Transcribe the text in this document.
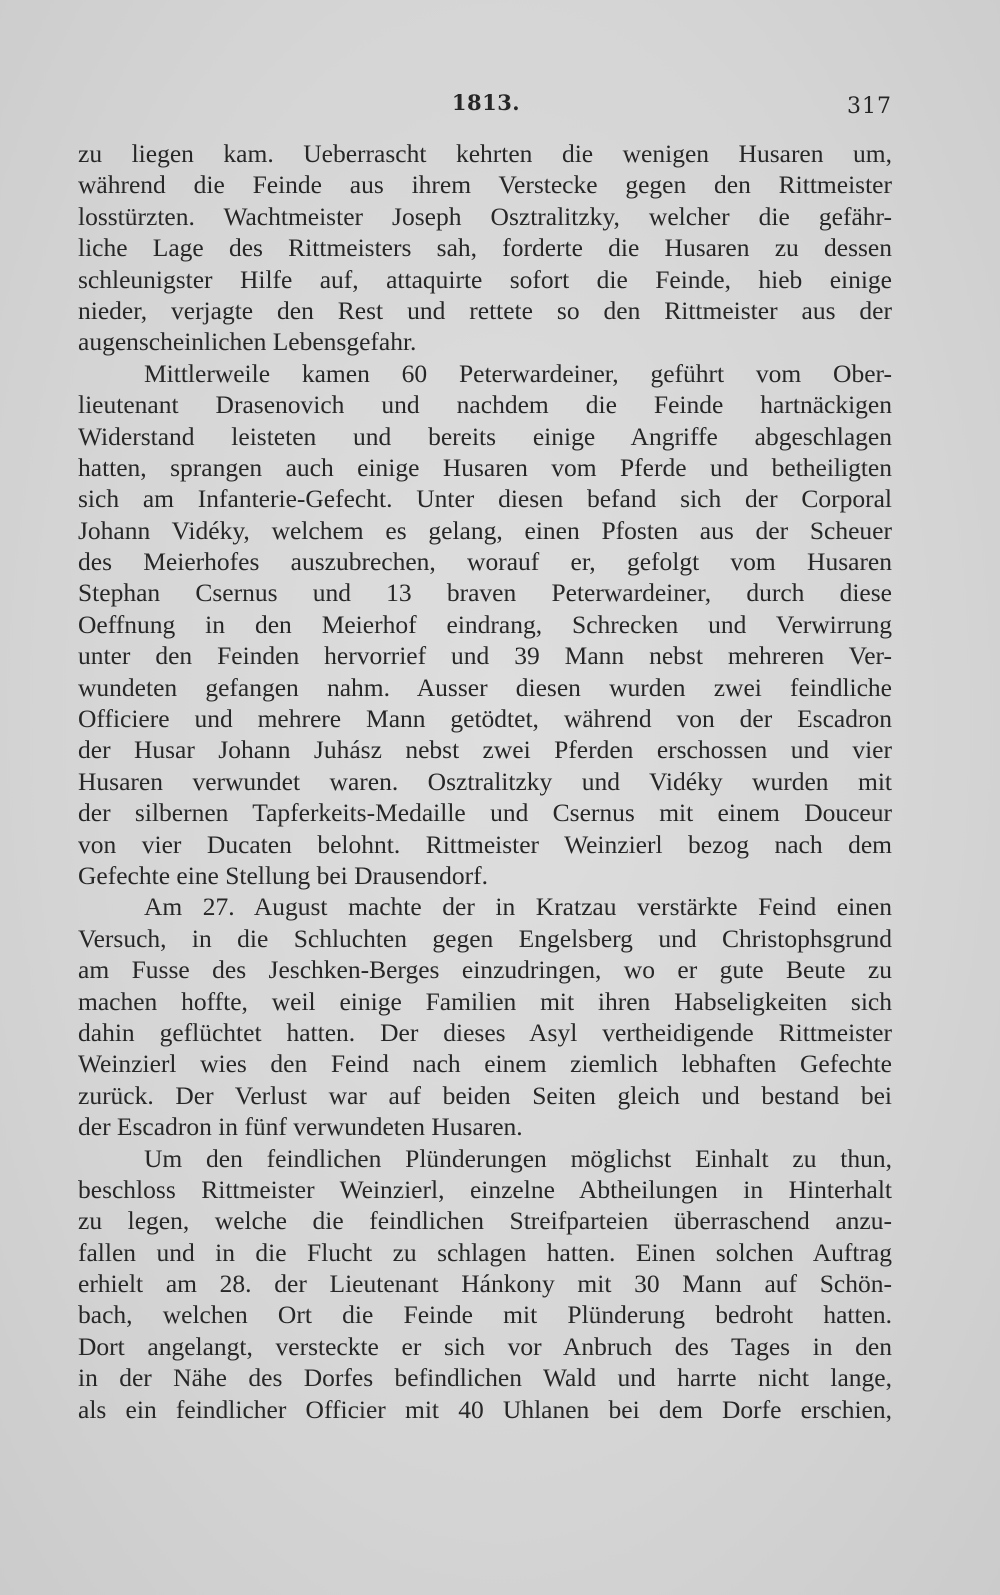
1813.	317
zu liegen kam. Ueberrascht kehrten die wenigen Husaren um,
während die Feinde aus ihrem Verstecke gegen den Rittmeister
losstürzten. Wachtmeister Joseph Osztralitzky, welcher die gefähr-
liche Lage des Rittmeisters sah, forderte die Husaren zu dessen
schleunigster Hilfe auf, attaquirte sofort die Feinde, hieb einige
nieder, verjagte den Rest und rettete so den Rittmeister aus der
augenscheinlichen Lebensgefahr.
Mittlerweile kamen 60 Peterwardeiner, geführt vom Ober-
lieutenant Drasenovich und nachdem die Feinde hartnäckigen
Widerstand leisteten und bereits einige Angriffe abgeschlagen
hatten, sprangen auch einige Husaren vom Pferde und betheiligten
sich am Infanterie-Gefecht. Unter diesen befand sich der Corporal
Johann Vidéky, welchem es gelang, einen Pfosten aus der Scheuer
des Meierhofes auszubrechen, worauf er, gefolgt vom Husaren
Stephan Csernus und 13 braven Peterwardeiner, durch diese
Oeffnung in den Meierhof eindrang, Schrecken und Verwirrung
unter den Feinden hervorrief und 39 Mann nebst mehreren Ver-
wundeten gefangen nahm. Ausser diesen wurden zwei feindliche
Officiere und mehrere Mann getödtet, während von der Escadron
der Husar Johann Juhász nebst zwei Pferden erschossen und vier
Husaren verwundet waren. Osztralitzky und Vidéky wurden mit
der silbernen Tapferkeits-Medaille und Csernus mit einem Douceur
von vier Ducaten belohnt. Rittmeister Weinzierl bezog nach dem
Gefechte eine Stellung bei Drausendorf.
Am 27. August machte der in Kratzau verstärkte Feind einen
Versuch, in die Schluchten gegen Engelsberg und Christophsgrund
am Fusse des Jeschken-Berges einzudringen, wo er gute Beute zu
machen hoffte, weil einige Familien mit ihren Habseligkeiten sich
dahin geflüchtet hatten. Der dieses Asyl vertheidigende Rittmeister
Weinzierl wies den Feind nach einem ziemlich lebhaften Gefechte
zurück. Der Verlust war auf beiden Seiten gleich und bestand bei
der Escadron in fünf verwundeten Husaren.
Um den feindlichen Plünderungen möglichst Einhalt zu thun,
beschloss Rittmeister Weinzierl, einzelne Abtheilungen in Hinterhalt
zu legen, welche die feindlichen Streifparteien überraschend anzu-
fallen und in die Flucht zu schlagen hatten. Einen solchen Auftrag
erhielt am 28. der Lieutenant Hánkony mit 30 Mann auf Schön-
bach, welchen Ort die Feinde mit Plünderung bedroht hatten.
Dort angelangt, versteckte er sich vor Anbruch des Tages in den
in der Nähe des Dorfes befindlichen Wald und harrte nicht lange,
als ein feindlicher Officier mit 40 Uhlanen bei dem Dorfe erschien,
